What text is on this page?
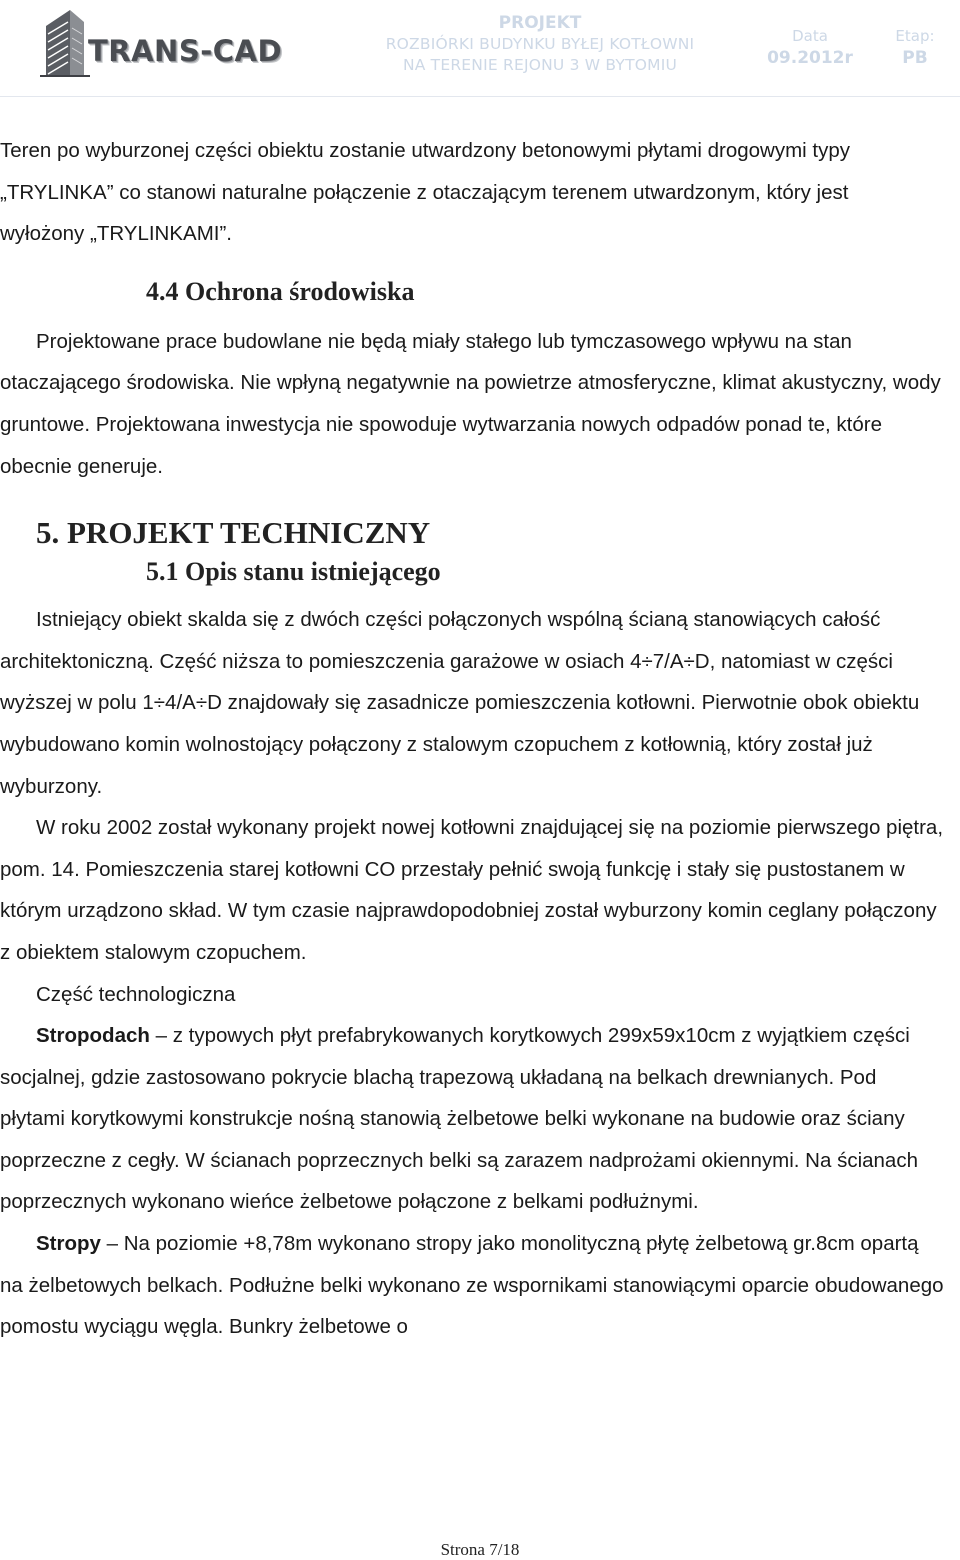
TRANS-CAD
PROJEKT
ROZBIÓRKI BUDYNKU BYŁEJ KOTŁOWNI
NA TERENIE REJONU 3 W BYTOMIU
Data
09.2012r
Etap:
PB

Teren po wyburzonej części obiektu zostanie utwardzony betonowymi płytami drogowymi typy „TRYLINKA” co stanowi naturalne połączenie z otaczającym terenem utwardzonym, który jest wyłożony „TRYLINKAMI”.

4.4 Ochrona środowiska

Projektowane prace budowlane nie będą miały stałego lub tymczasowego wpływu na stan otaczającego środowiska. Nie wpłyną negatywnie na powietrze atmosferyczne, klimat akustyczny, wody gruntowe. Projektowana inwestycja nie spowoduje wytwarzania nowych odpadów ponad te, które obecnie generuje.

5. PROJEKT TECHNICZNY
5.1 Opis stanu istniejącego

Istniejący obiekt skalda się z dwóch części połączonych wspólną ścianą stanowiących całość architektoniczną. Część niższa to pomieszczenia garażowe w osiach 4÷7/A÷D, natomiast w części wyższej w polu 1÷4/A÷D znajdowały się zasadnicze pomieszczenia kotłowni. Pierwotnie obok obiektu wybudowano komin wolnostojący połączony z stalowym czopuchem z kotłownią, który został już wyburzony.

W roku 2002 został wykonany projekt nowej kotłowni znajdującej się na poziomie pierwszego piętra, pom. 14. Pomieszczenia starej kotłowni CO przestały pełnić swoją funkcję i stały się pustostanem w którym urządzono skład. W tym czasie najprawdopodobniej został wyburzony komin ceglany połączony z obiektem stalowym czopuchem.

Część technologiczna

Stropodach – z typowych płyt prefabrykowanych korytkowych 299x59x10cm z wyjątkiem części socjalnej, gdzie zastosowano pokrycie blachą trapezową układaną na belkach drewnianych. Pod płytami korytkowymi konstrukcje nośną stanowią żelbetowe belki wykonane na budowie oraz ściany poprzeczne z cegły. W ścianach poprzecznych belki są zarazem nadprożami okiennymi. Na ścianach poprzecznych wykonano wieńce żelbetowe połączone z belkami podłużnymi.

Stropy – Na poziomie +8,78m wykonano stropy jako monolityczną płytę żelbetową gr.8cm opartą na żelbetowych belkach. Podłużne belki wykonano ze wspornikami stanowiącymi oparcie obudowanego pomostu wyciągu węgla. Bunkry żelbetowe o

Strona 7/18
